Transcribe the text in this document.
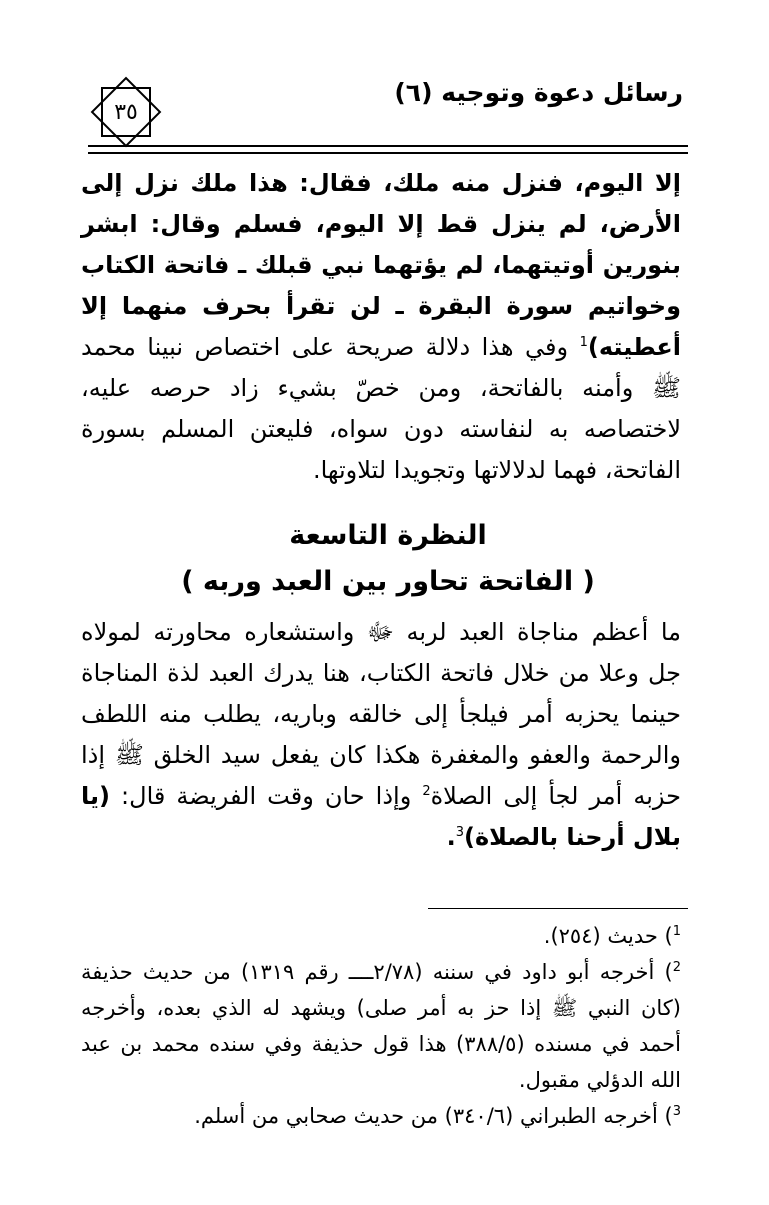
رسائل دعوة وتوجيه (٦)
٣٥
إلا اليوم، فنزل منه ملك، فقال: هذا ملك نزل إلى الأرض، لم ينزل قط إلا اليوم، فسلم وقال: ابشر بنورين أوتيتهما، لم يؤتهما نبي قبلك ـ فاتحة الكتاب وخواتيم سورة البقرة ـ لن تقرأ بحرف منهما إلا أعطيته)$^1$ وفي هذا دلالة صريحة على اختصاص نبينا محمد ﷺ وأمنه بالفاتحة، ومن خصّ بشيء زاد حرصه عليه، لاختصاصه به لنفاسته دون سواه، فليعتن المسلم بسورة الفاتحة، فهما لدلالاتها وتجويدا لتلاوتها.
النظرة التاسعة
( الفاتحة تحاور بين العبد وربه )
ما أعظم مناجاة العبد لربه ﷻ واستشعاره محاورته لمولاه جل وعلا من خلال فاتحة الكتاب، هنا يدرك العبد لذة المناجاة حينما يحزبه أمر فيلجأ إلى خالقه وباريه، يطلب منه اللطف والرحمة والعفو والمغفرة هكذا كان يفعل سيد الخلق ﷺ إذا حزبه أمر لجأ إلى الصلاة$^2$ وإذا حان وقت الفريضة قال: (يا بلال أرحنا بالصلاة)$^3$.

$^1$) حديث (٢٥٤).

$^2$) أخرجه أبو داود في سننه (٢/٧٨ــــ رقم ١٣١٩) من حديث حذيفة (كان النبي ﷺ إذا حز به أمر صلى) ويشهد له الذي بعده، وأخرجه أحمد في مسنده (٣٨٨/٥) هذا قول حذيفة وفي سنده محمد بن عبد الله الدؤلي مقبول.

$^3$) أخرجه الطبراني (٣٤٠/٦) من حديث صحابي من أسلم.
